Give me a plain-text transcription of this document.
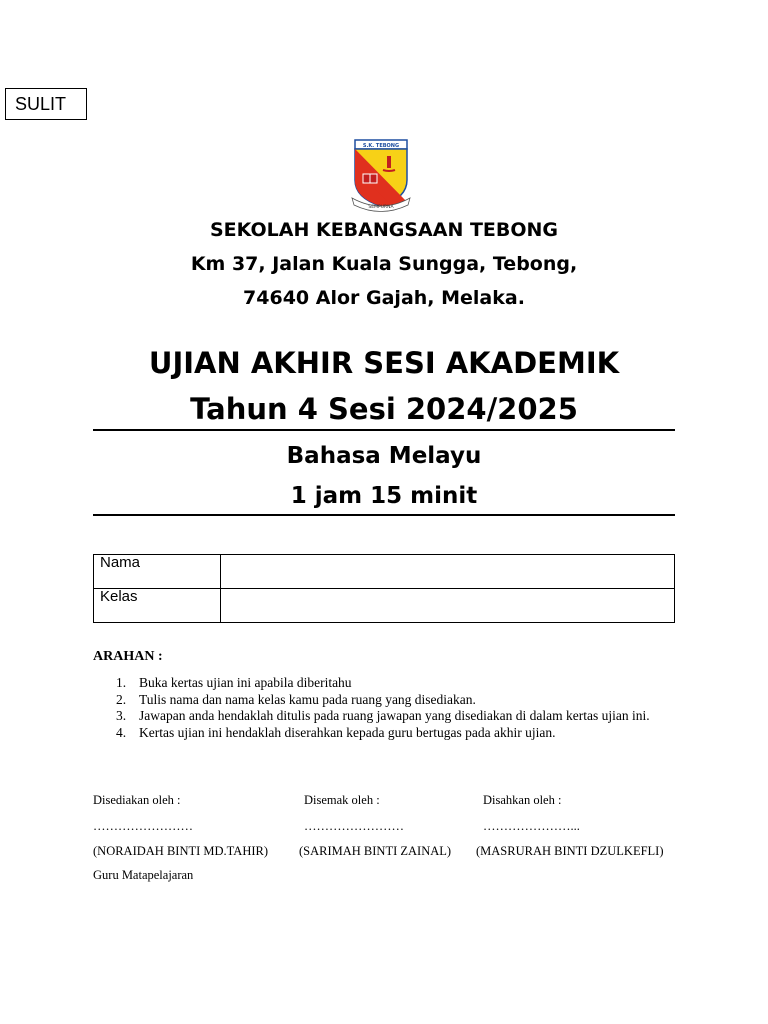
SULIT
S.K. TEBONG
SEMPURNA
SEKOLAH KEBANGSAAN TEBONG
Km 37, Jalan Kuala Sungga, Tebong,
74640 Alor Gajah, Melaka.
UJIAN AKHIR SESI AKADEMIK
Tahun 4 Sesi 2024/2025
Bahasa Melayu
1 jam 15 minit
Nama	
Kelas	
ARAHAN :
1. Buka kertas ujian ini apabila diberitahu
2. Tulis nama dan nama kelas kamu pada ruang yang disediakan.
3. Jawapan anda hendaklah ditulis pada ruang jawapan yang disediakan di dalam kertas ujian ini.
4. Kertas ujian ini hendaklah diserahkan kepada guru bertugas pada akhir ujian.
Disediakan oleh :	Disemak oleh :	Disahkan oleh :
……………………	……………………	…………………...
(NORAIDAH BINTI MD.TAHIR) (SARIMAH BINTI ZAINAL) (MASRURAH BINTI DZULKEFLI)
Guru Matapelajaran
